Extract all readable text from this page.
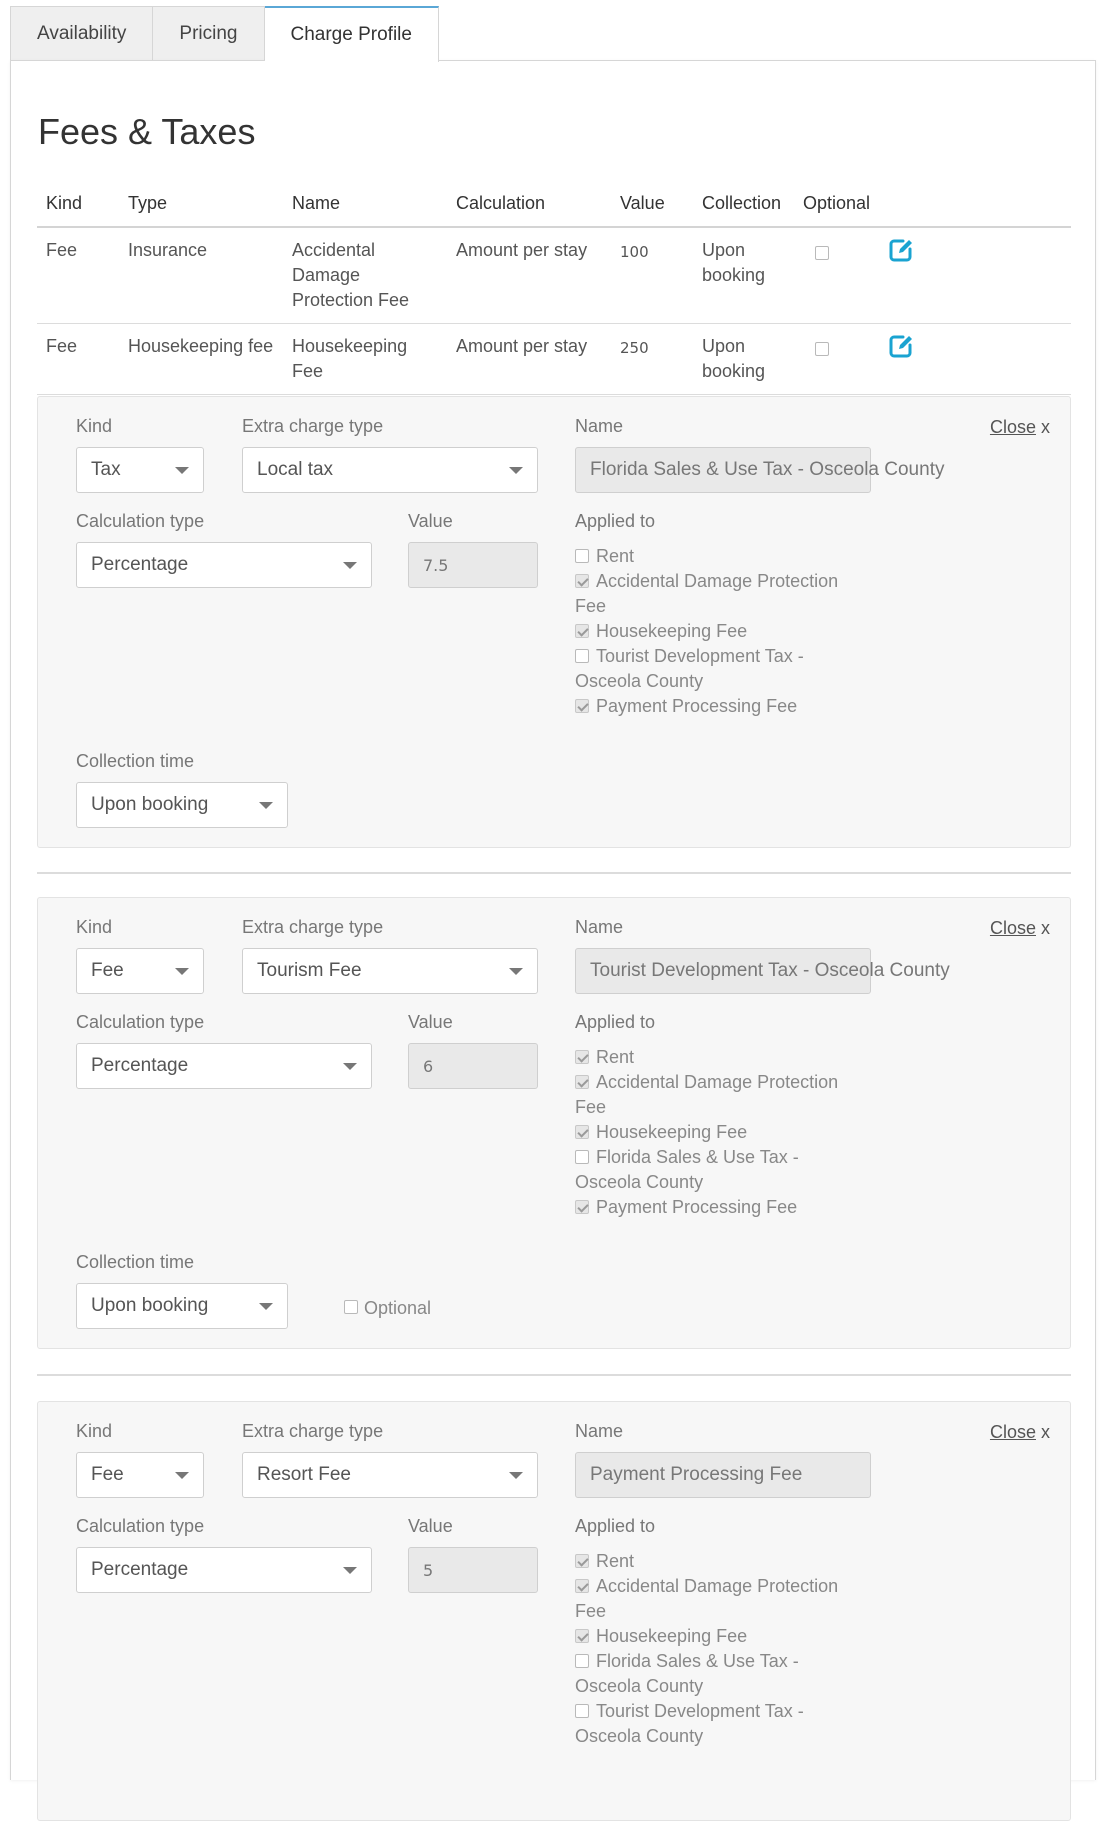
Availability	Pricing	Charge Profile
Fees & Taxes
Kind	Type	Name	Calculation	Value	Collection	Optional	
Fee	Insurance	Accidental Damage Protection Fee	Amount per stay	100	Upon booking		
Fee	Housekeeping fee	Housekeeping Fee	Amount per stay	250	Upon booking		
Close x
Kind
Tax
Extra charge type
Local tax
Name
Florida Sales & Use Tax - Osceola County
Calculation type
Percentage
Value
7.5
Applied to
Rent
Accidental Damage Protection Fee
Housekeeping Fee
Tourist Development Tax - Osceola County
Payment Processing Fee
Collection time
Upon booking
Close x
Kind
Fee
Extra charge type
Tourism Fee
Name
Tourist Development Tax - Osceola County
Calculation type
Percentage
Value
6
Applied to
Rent
Accidental Damage Protection Fee
Housekeeping Fee
Florida Sales & Use Tax - Osceola County
Payment Processing Fee
Collection time
Upon booking	Optional
Close x
Kind
Fee
Extra charge type
Resort Fee
Name
Payment Processing Fee
Calculation type
Percentage
Value
5
Applied to
Rent
Accidental Damage Protection Fee
Housekeeping Fee
Florida Sales & Use Tax - Osceola County
Tourist Development Tax - Osceola County
